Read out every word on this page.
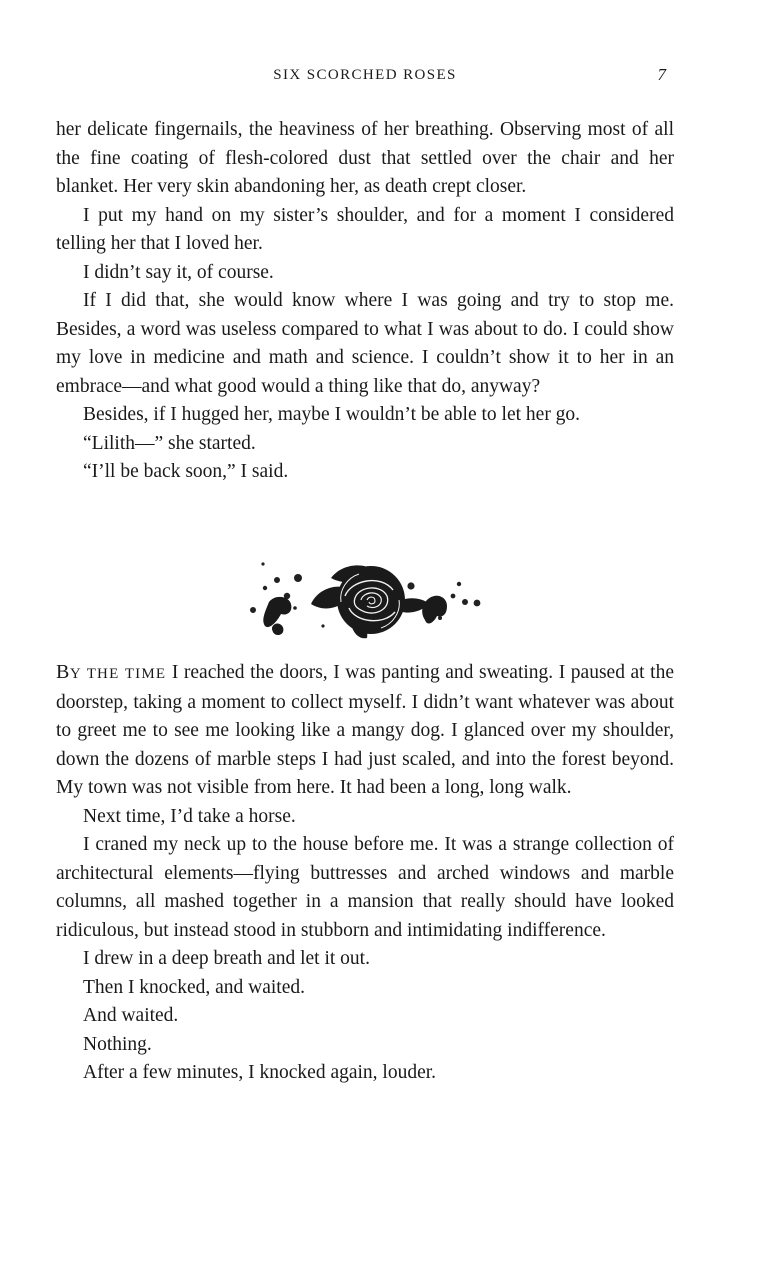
SIX SCORCHED ROSES	7

her delicate fingernails, the heaviness of her breathing. Observing most of all the fine coating of flesh-colored dust that settled over the chair and her blanket. Her very skin abandoning her, as death crept closer.

I put my hand on my sister’s shoulder, and for a moment I considered telling her that I loved her.

I didn’t say it, of course.

If I did that, she would know where I was going and try to stop me. Besides, a word was useless compared to what I was about to do. I could show my love in medicine and math and science. I couldn’t show it to her in an embrace—and what good would a thing like that do, anyway?

Besides, if I hugged her, maybe I wouldn’t be able to let her go.

“Lilith—” she started.

“I’ll be back soon,” I said.

BY THE TIME I reached the doors, I was panting and sweating. I paused at the doorstep, taking a moment to collect myself. I didn’t want whatever was about to greet me to see me looking like a mangy dog. I glanced over my shoulder, down the dozens of marble steps I had just scaled, and into the forest beyond. My town was not visible from here. It had been a long, long walk.

Next time, I’d take a horse.

I craned my neck up to the house before me. It was a strange collection of architectural elements—flying buttresses and arched windows and marble columns, all mashed together in a mansion that really should have looked ridiculous, but instead stood in stubborn and intimidating indifference.

I drew in a deep breath and let it out.

Then I knocked, and waited.

And waited.

Nothing.

After a few minutes, I knocked again, louder.
